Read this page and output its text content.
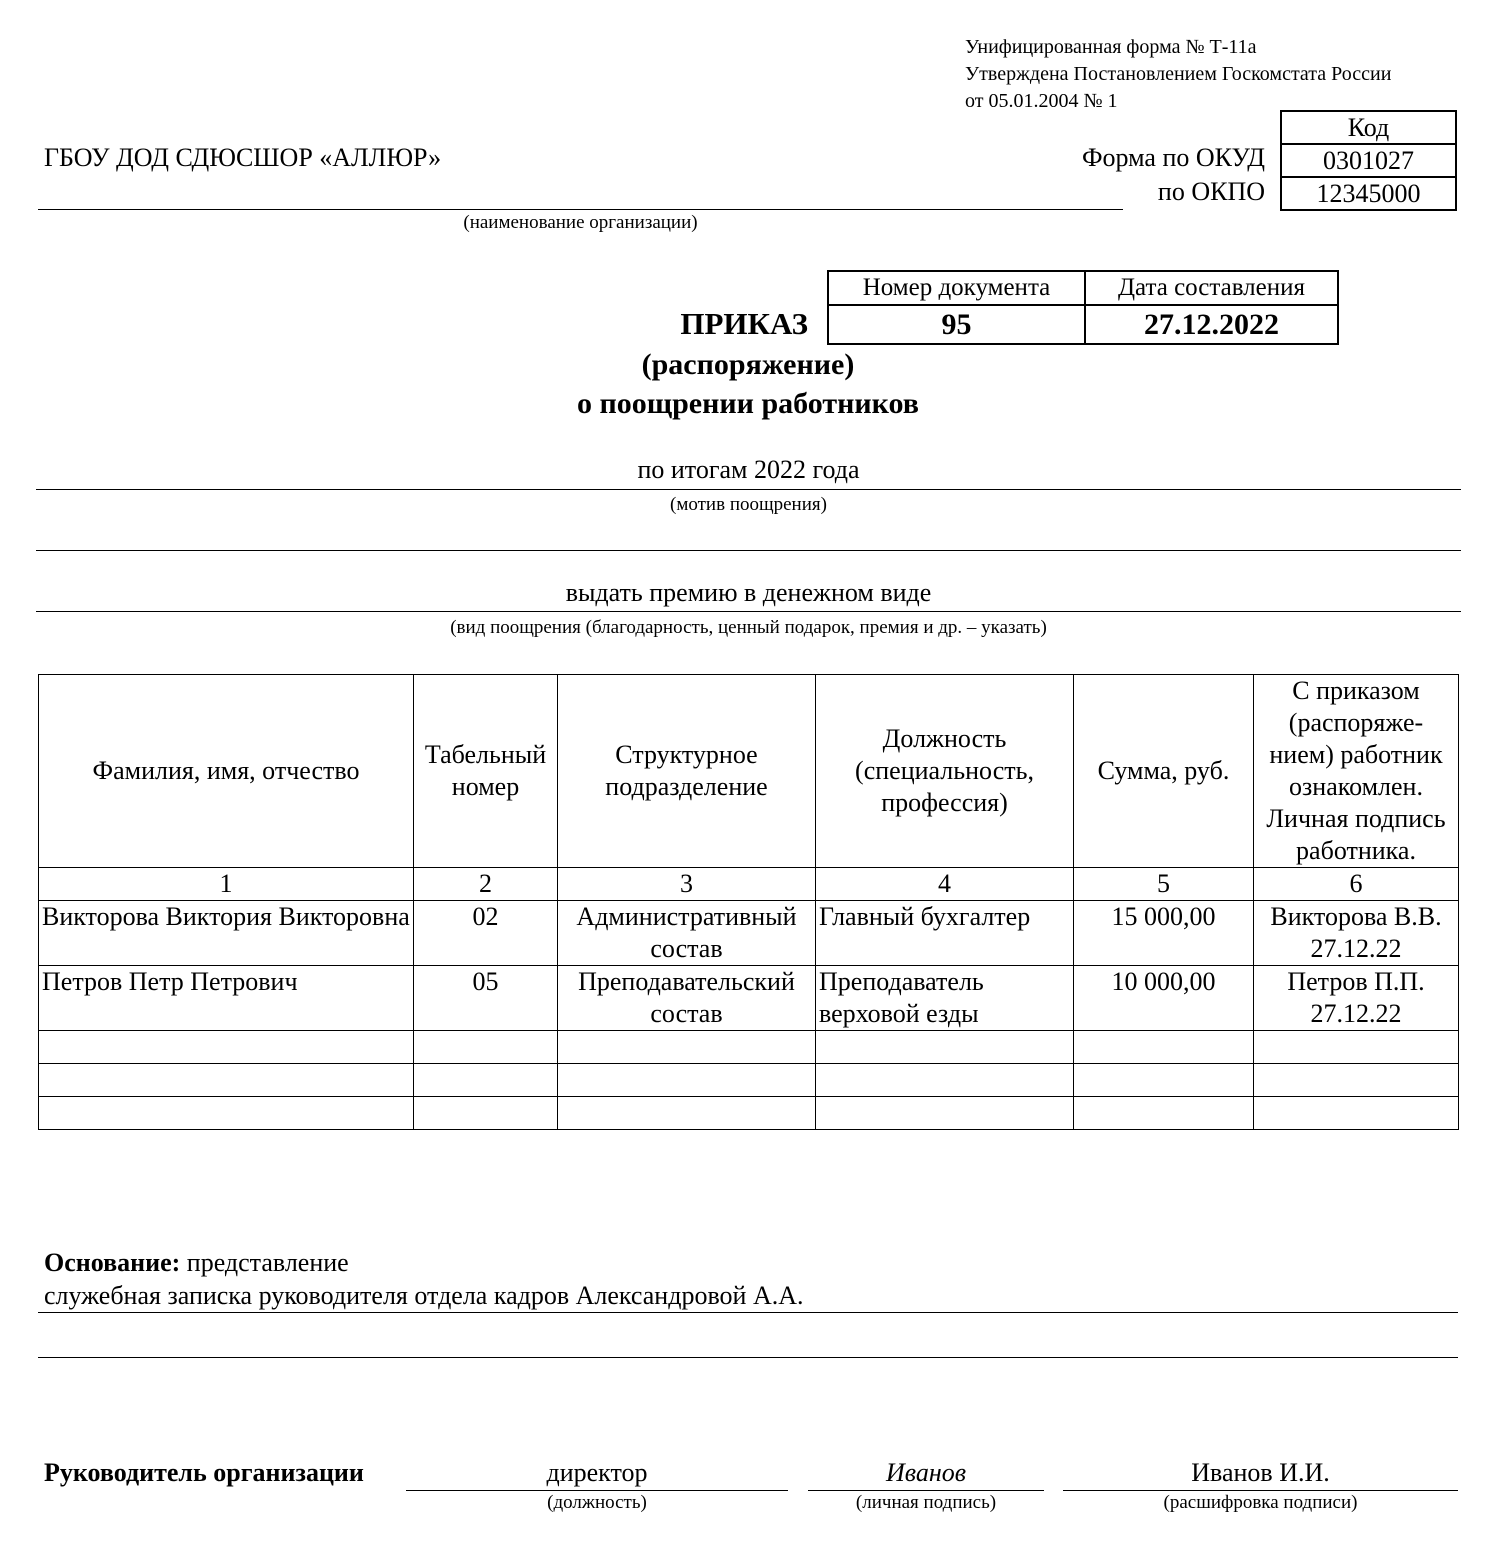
Унифицированная форма № Т-11а
Утверждена Постановлением Госкомстата России
от 05.01.2004 № 1
Код
0301027
12345000
Форма по ОКУД
по ОКПО
ГБОУ ДОД СДЮСШОР «АЛЛЮР»
(наименование организации)
Номер документа	Дата составления
95	27.12.2022
ПРИКАЗ
(распоряжение)
о поощрении работников
по итогам 2022 года
(мотив поощрения)
выдать премию в денежном виде
(вид поощрения (благодарность, ценный подарок, премия и др. – указать)
Фамилия, имя, отчество	Табельный номер	Структурное подразделение	Должность (специальность, профессия)	Сумма, руб.	С приказом (распоряже-нием) работник ознакомлен. Личная подпись работника.
1	2	3	4	5	6
Викторова Виктория Викторовна	02	Административный состав	Главный бухгалтер	15 000,00	Викторова В.В.
27.12.22

Петров Петр Петрович	05	Преподавательский состав	Преподаватель верховой езды	10 000,00	Петров П.П.
27.12.22

Основание: представление
служебная записка руководителя отдела кадров Александровой А.А.
Руководитель организации	директор
(должность)
Иванов
(личная подпись)
Иванов И.И.
(расшифровка подписи)
